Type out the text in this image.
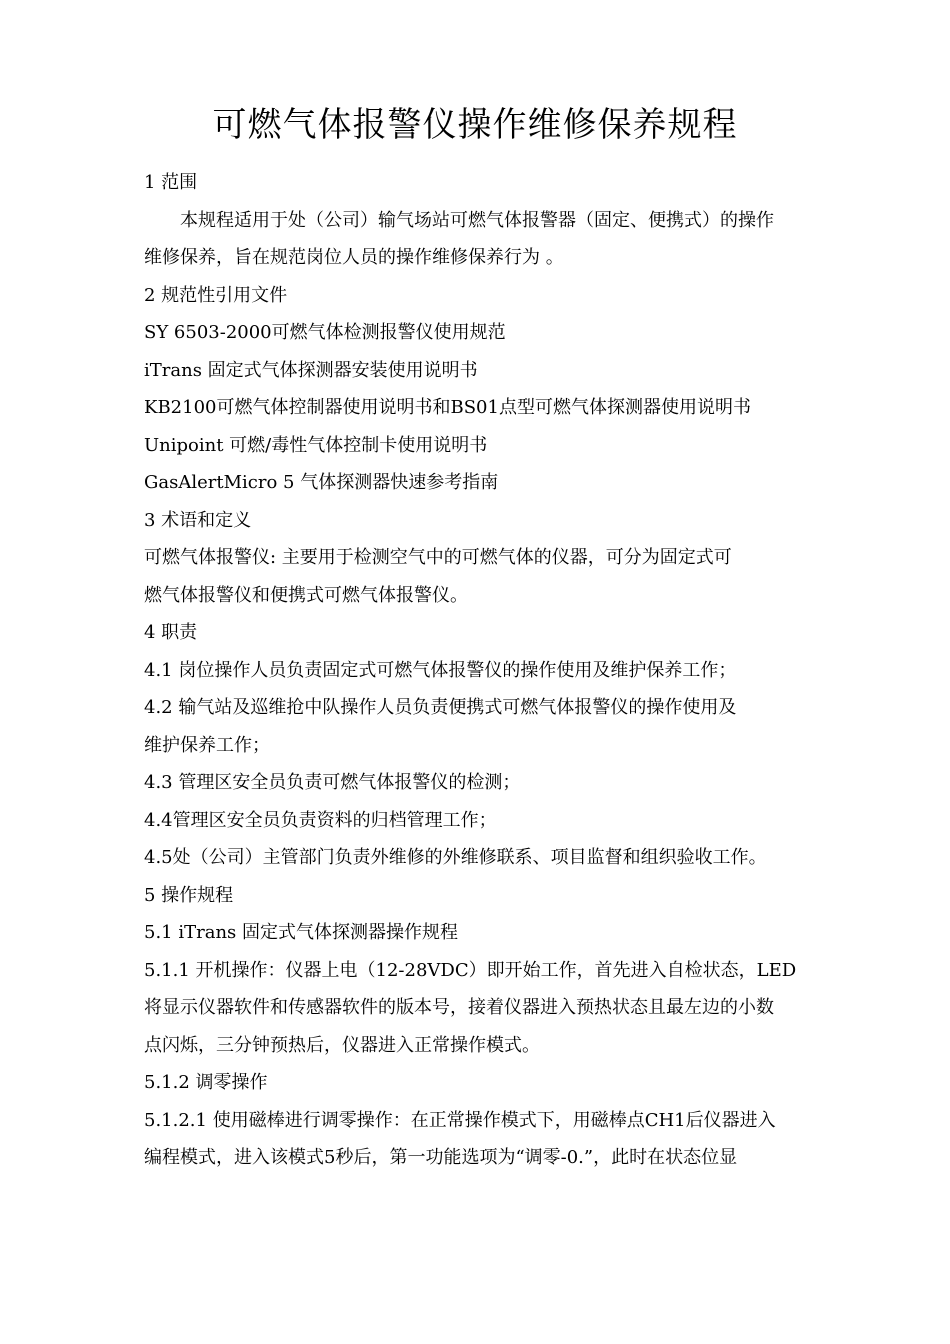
可燃气体报警仪操作维修保养规程
1 范围
本规程适用于处（公司）输气场站可燃气体报警器（固定、便携式）的操作
维修保养，旨在规范岗位人员的操作维修保养行为 。
2 规范性引用文件
SY 6503-2000可燃气体检测报警仪使用规范
iTrans 固定式气体探测器安装使用说明书
KB2100可燃气体控制器使用说明书和BS01点型可燃气体探测器使用说明书
Unipoint 可燃/毒性气体控制卡使用说明书
GasAlertMicro 5 气体探测器快速参考指南
3 术语和定义
可燃气体报警仪: 主要用于检测空气中的可燃气体的仪器，可分为固定式可
燃气体报警仪和便携式可燃气体报警仪。
4 职责
4.1 岗位操作人员负责固定式可燃气体报警仪的操作使用及维护保养工作；
4.2 输气站及巡维抢中队操作人员负责便携式可燃气体报警仪的操作使用及
维护保养工作；
4.3 管理区安全员负责可燃气体报警仪的检测；
4.4管理区安全员负责资料的归档管理工作；
4.5处（公司）主管部门负责外维修的外维修联系、项目监督和组织验收工作。
5 操作规程
5.1 iTrans 固定式气体探测器操作规程
5.1.1 开机操作：仪器上电（12-28VDC）即开始工作，首先进入自检状态，LED
将显示仪器软件和传感器软件的版本号，接着仪器进入预热状态且最左边的小数
点闪烁，三分钟预热后，仪器进入正常操作模式。
5.1.2 调零操作
5.1.2.1 使用磁棒进行调零操作：在正常操作模式下，用磁棒点CH1后仪器进入
编程模式，进入该模式5秒后，第一功能选项为“调零-0.”，此时在状态位显
